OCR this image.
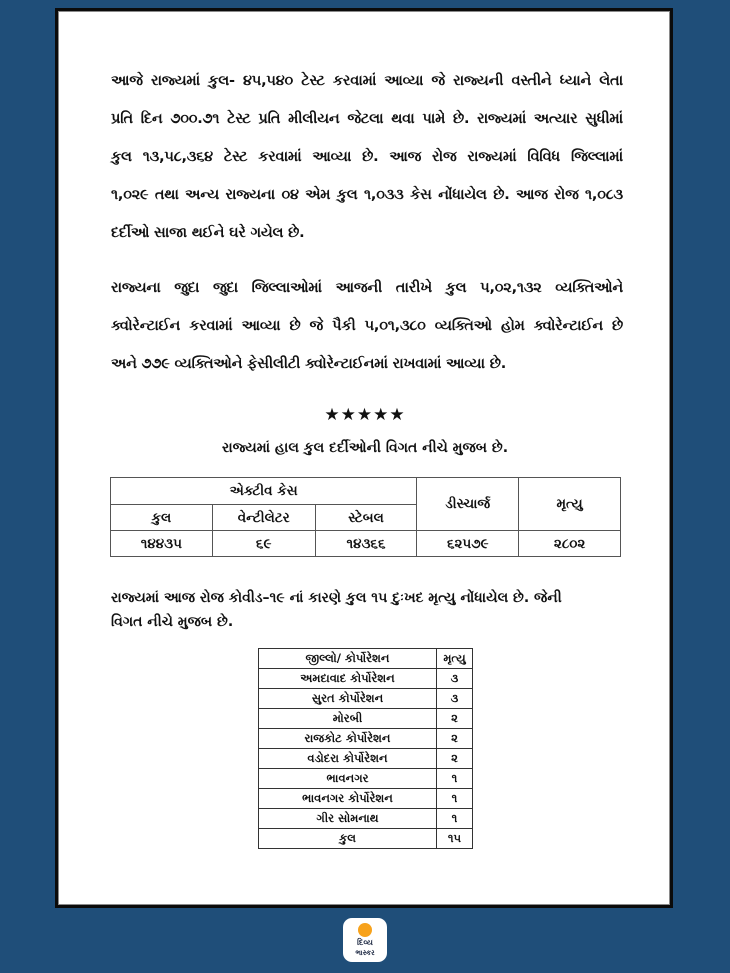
આજે રાજ્યમાં કુલ- ૪૫,૫૪૦ ટેસ્ટ કરવામાં આવ્યા જે રાજ્યની વસ્તીને ધ્યાને લેતા
પ્રતિ દિન ૭૦૦.૭૧ ટેસ્ટ પ્રતિ મીલીયન જેટલા થવા પામે છે. રાજ્યમાં અત્યાર સુધીમાં
કુલ ૧૩,૫૮,૩૬૪ ટેસ્ટ કરવામાં આવ્યા છે. આજ રોજ રાજ્યમાં વિવિધ જિલ્લામાં
૧,૦૨૯ તથા અન્ય રાજ્યના ૦૪ એમ કુલ ૧,૦૩૩ કેસ નોંધાયેલ છે. આજ રોજ ૧,૦૮૩
દર્દીઓ સાજા થઈને ઘરે ગયેલ છે.
રાજ્યના જુદા જુદા જિલ્લાઓમાં આજની તારીખે કુલ ૫,૦૨,૧૩૨ વ્યક્તિઓને
ક્વોરેન્ટાઈન કરવામાં આવ્યા છે જે પૈકી ૫,૦૧,૩૮૦ વ્યક્તિઓ હોમ ક્વોરેન્ટાઈન છે
અને ૭૭૯ વ્યક્તિઓને ફેસીલીટી ક્વોરેન્ટાઈનમાં રાખવામાં આવ્યા છે.
★★★★★
રાજ્યમાં હાલ કુલ દર્દીઓની વિગત નીચે મુજબ છે.
એક્ટીવ કેસ			ડીસ્ચાર્જ	મૃત્યુ
કુલ	વેન્ટીલેટર	સ્ટેબલ		
૧૪૪૩૫	૬૯	૧૪૩૬૬	૬૨૫૭૯	૨૮૦૨
રાજ્યમાં આજ રોજ કોવીડ–૧૯ નાં કારણે કુલ ૧૫ દુઃખદ મૃત્યુ નોંધાયેલ છે. જેની
વિગત નીચે મુજબ છે.
જીલ્લો/ કોર્પોરેશન	મૃત્યુ
અમદાવાદ કોર્પોરેશન	૩
સુરત કોર્પોરેશન	૩
મોરબી	૨
રાજકોટ કોર્પોરેશન	૨
વડોદરા કોર્પોરેશન	૨
ભાવનગર	૧
ભાવનગર કોર્પોરેશન	૧
ગીર સોમનાથ	૧
કુલ	૧૫
દિવ્ય
ભાસ્કર
